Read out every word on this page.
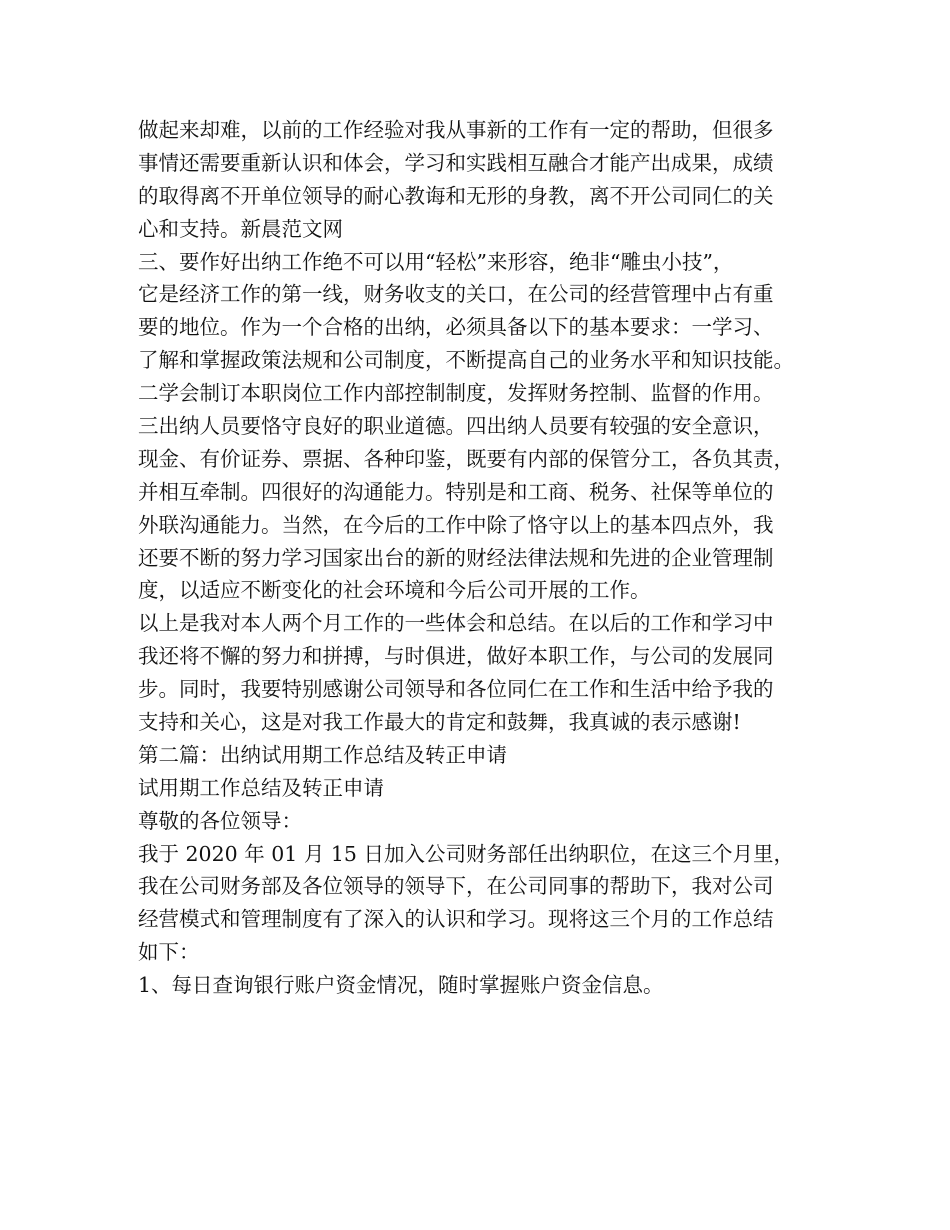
做起来却难，以前的工作经验对我从事新的工作有一定的帮助，但很多
事情还需要重新认识和体会，学习和实践相互融合才能产出成果，成绩
的取得离不开单位领导的耐心教诲和无形的身教，离不开公司同仁的关
心和支持。新晨范文网
三、要作好出纳工作绝不可以用“轻松”来形容，绝非“雕虫小技”，
它是经济工作的第一线，财务收支的关口，在公司的经营管理中占有重
要的地位。作为一个合格的出纳，必须具备以下的基本要求：一学习、
了解和掌握政策法规和公司制度，不断提高自己的业务水平和知识技能。
二学会制订本职岗位工作内部控制制度，发挥财务控制、监督的作用。
三出纳人员要恪守良好的职业道德。四出纳人员要有较强的安全意识，
现金、有价证券、票据、各种印鉴，既要有内部的保管分工，各负其责，
并相互牵制。四很好的沟通能力。特别是和工商、税务、社保等单位的
外联沟通能力。当然，在今后的工作中除了恪守以上的基本四点外，我
还要不断的努力学习国家出台的新的财经法律法规和先进的企业管理制
度，以适应不断变化的社会环境和今后公司开展的工作。
以上是我对本人两个月工作的一些体会和总结。在以后的工作和学习中
我还将不懈的努力和拼搏，与时俱进，做好本职工作，与公司的发展同
步。同时，我要特别感谢公司领导和各位同仁在工作和生活中给予我的
支持和关心，这是对我工作最大的肯定和鼓舞，我真诚的表示感谢!
第二篇：出纳试用期工作总结及转正申请
试用期工作总结及转正申请
尊敬的各位领导：
我于 2020 年 01 月 15 日加入公司财务部任出纳职位，在这三个月里，
我在公司财务部及各位领导的领导下，在公司同事的帮助下，我对公司
经营模式和管理制度有了深入的认识和学习。现将这三个月的工作总结
如下：
1、每日查询银行账户资金情况，随时掌握账户资金信息。
